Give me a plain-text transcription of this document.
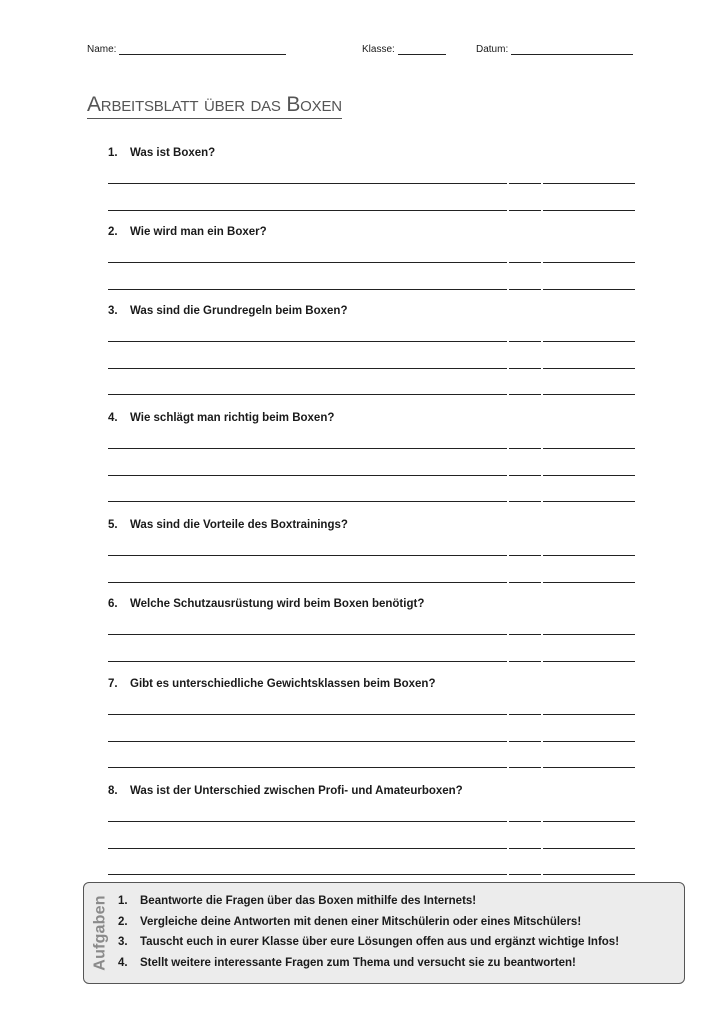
Name:	Klasse:	Datum:
Arbeitsblatt über das Boxen
1.	Was ist Boxen?
2.	Wie wird man ein Boxer?
3.	Was sind die Grundregeln beim Boxen?
4.	Wie schlägt man richtig beim Boxen?
5.	Was sind die Vorteile des Boxtrainings?
6.	Welche Schutzausrüstung wird beim Boxen benötigt?
7.	Gibt es unterschiedliche Gewichtsklassen beim Boxen?
8.	Was ist der Unterschied zwischen Profi- und Amateurboxen?
Aufgaben 1.	Beantworte die Fragen über das Boxen mithilfe des Internets!
2.	Vergleiche deine Antworten mit denen einer Mitschülerin oder eines Mitschülers!
3.	Tauscht euch in eurer Klasse über eure Lösungen offen aus und ergänzt wichtige Infos!
4.	Stellt weitere interessante Fragen zum Thema und versucht sie zu beantworten!
